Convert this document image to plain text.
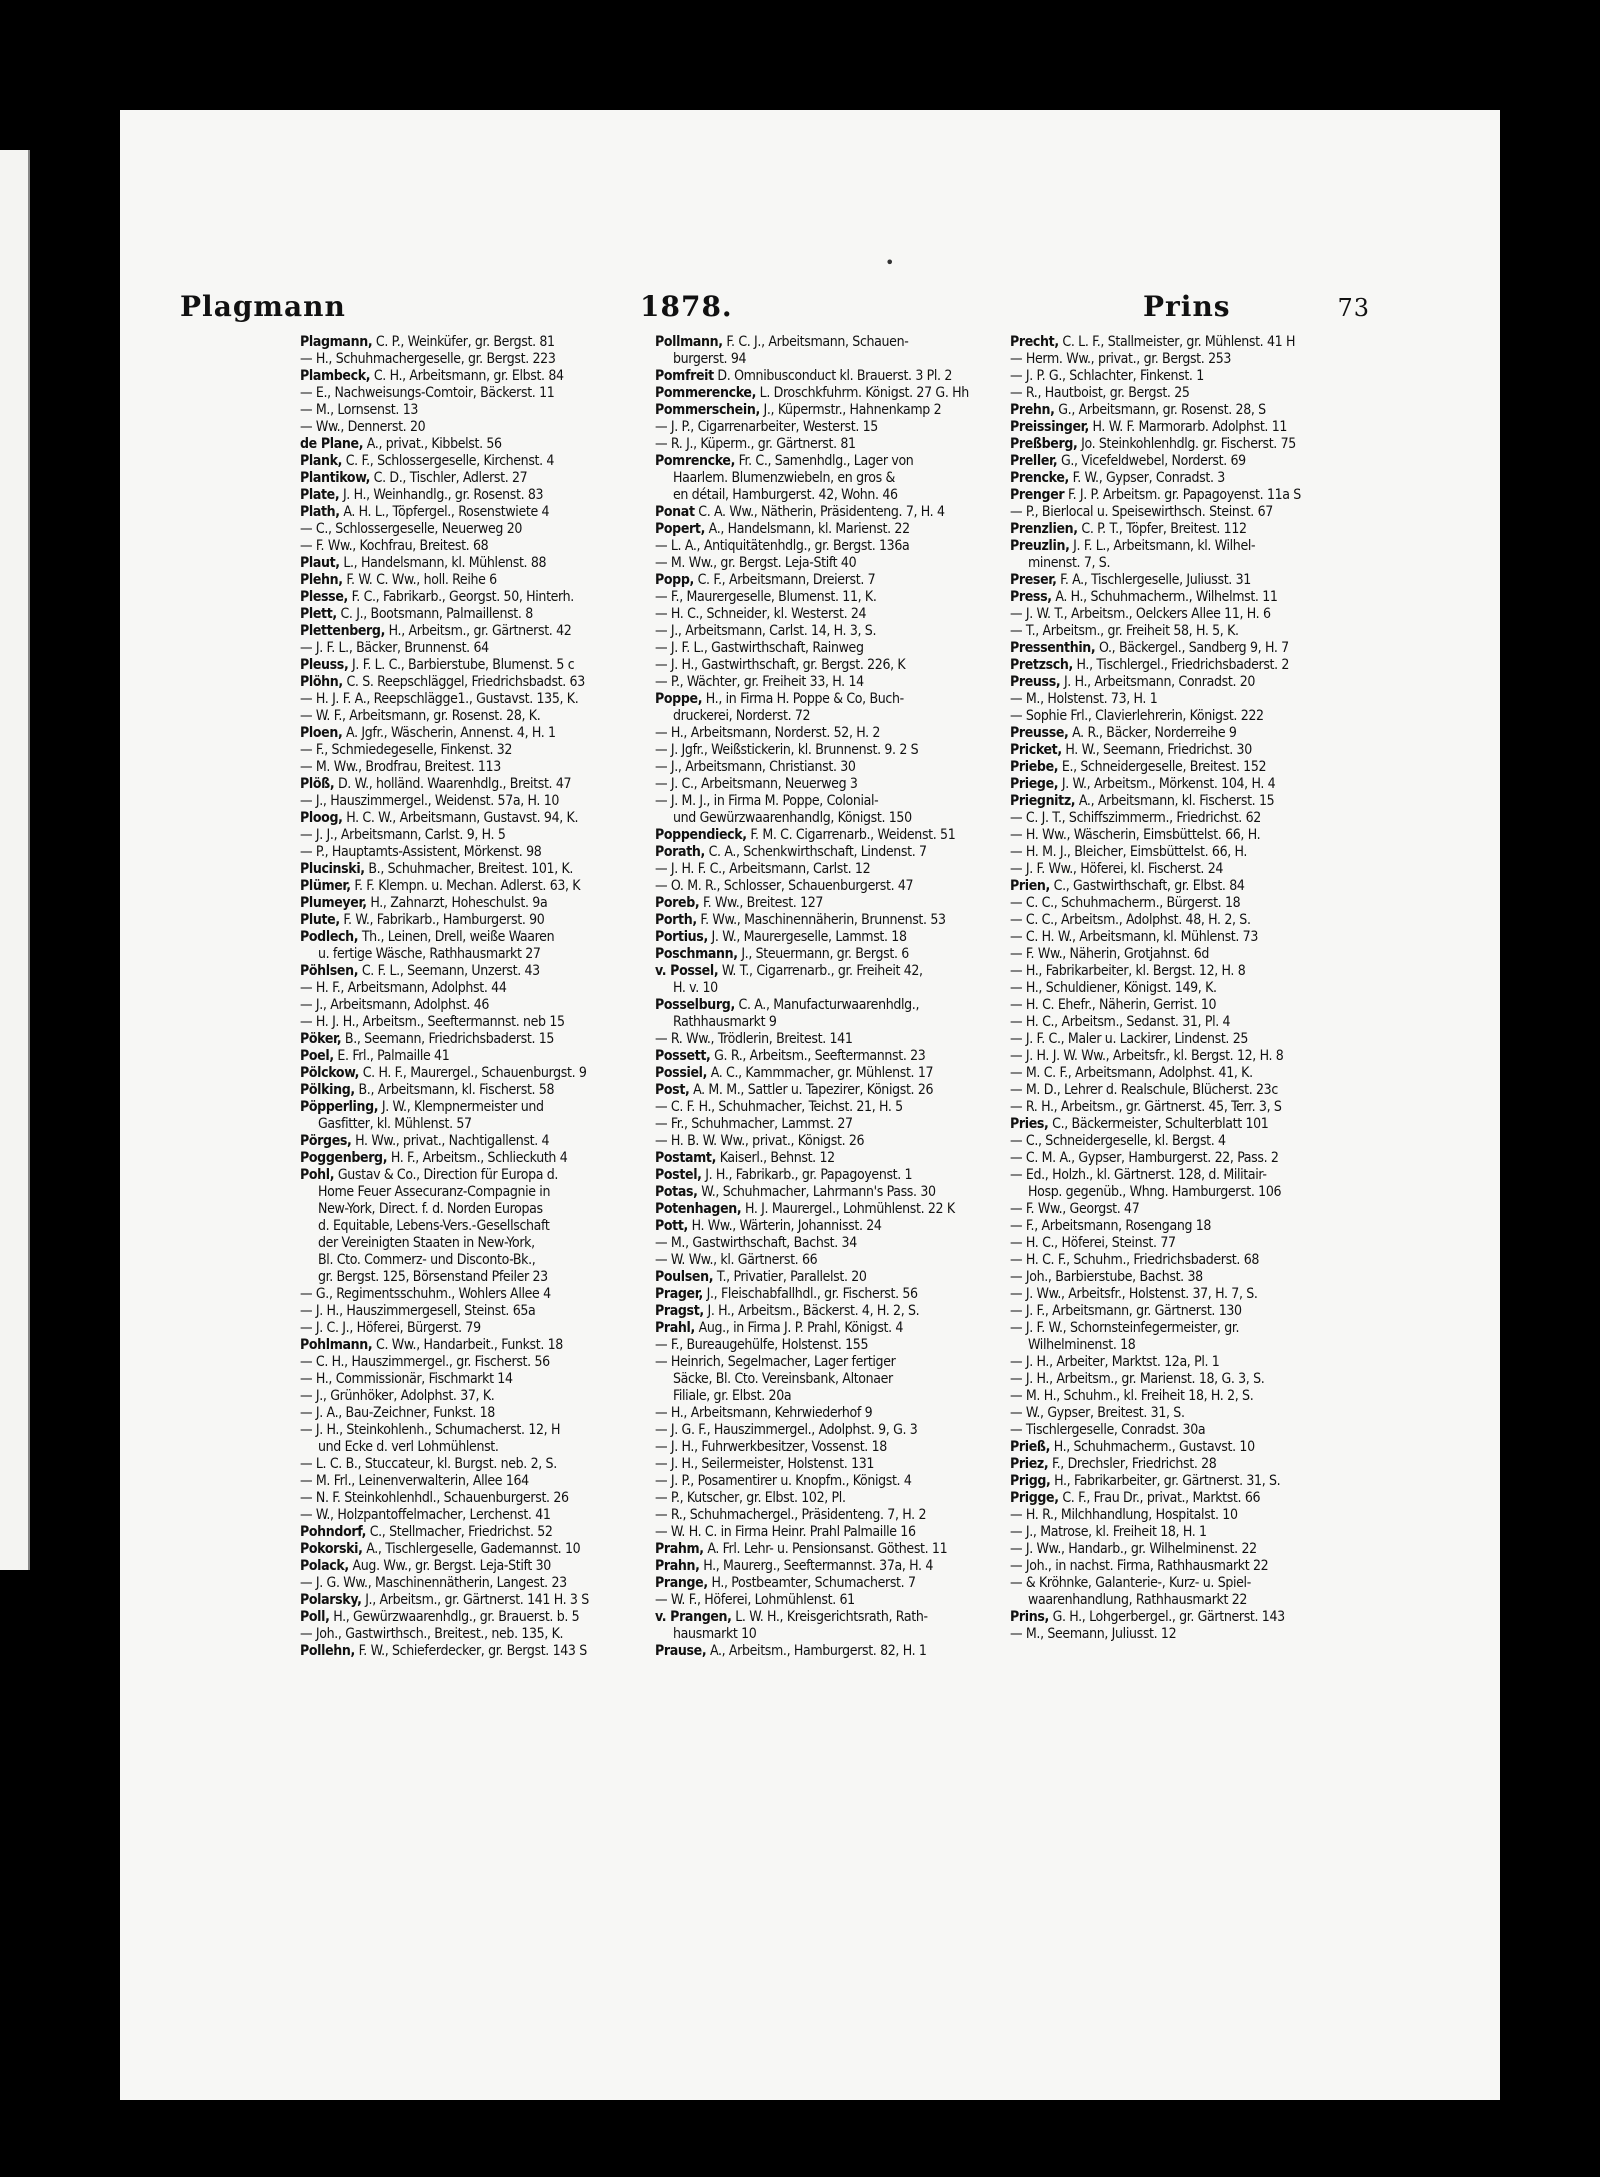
•
Plagmann	1878.	Prins	73
Plagmann, C. P., Weinküfer, gr. Bergst. 81
— H., Schuhmachergeselle, gr. Bergst. 223
Plambeck, C. H., Arbeitsmann, gr. Elbst. 84
— E., Nachweisungs-Comtoir, Bäckerst. 11
— M., Lornsenst. 13
— Ww., Dennerst. 20
de Plane, A., privat., Kibbelst. 56
Plank, C. F., Schlossergeselle, Kirchenst. 4
Plantikow, C. D., Tischler, Adlerst. 27
Plate, J. H., Weinhandlg., gr. Rosenst. 83
Plath, A. H. L., Töpfergel., Rosenstwiete 4
— C., Schlossergeselle, Neuerweg 20
— F. Ww., Kochfrau, Breitest. 68
Plaut, L., Handelsmann, kl. Mühlenst. 88
Plehn, F. W. C. Ww., holl. Reihe 6
Plesse, F. C., Fabrikarb., Georgst. 50, Hinterh.
Plett, C. J., Bootsmann, Palmaillenst. 8
Plettenberg, H., Arbeitsm., gr. Gärtnerst. 42
— J. F. L., Bäcker, Brunnenst. 64
Pleuss, J. F. L. C., Barbierstube, Blumenst. 5 c
Plöhn, C. S. Reepschläggel, Friedrichsbadst. 63
— H. J. F. A., Reepschlägge1., Gustavst. 135, K.
— W. F., Arbeitsmann, gr. Rosenst. 28, K.
Ploen, A. Jgfr., Wäscherin, Annenst. 4, H. 1
— F., Schmiedegeselle, Finkenst. 32
— M. Ww., Brodfrau, Breitest. 113
Plöß, D. W., holländ. Waarenhdlg., Breitst. 47
— J., Hauszimmergel., Weidenst. 57a, H. 10
Ploog, H. C. W., Arbeitsmann, Gustavst. 94, K.
— J. J., Arbeitsmann, Carlst. 9, H. 5
— P., Hauptamts-Assistent, Mörkenst. 98
Plucinski, B., Schuhmacher, Breitest. 101, K.
Plümer, F. F. Klempn. u. Mechan. Adlerst. 63, K
Plumeyer, H., Zahnarzt, Hoheschulst. 9a
Plute, F. W., Fabrikarb., Hamburgerst. 90
Podlech, Th., Leinen, Drell, weiße Waaren
u. fertige Wäsche, Rathhausmarkt 27
Pöhlsen, C. F. L., Seemann, Unzerst. 43
— H. F., Arbeitsmann, Adolphst. 44
— J., Arbeitsmann, Adolphst. 46
— H. J. H., Arbeitsm., Seeftermannst. neb 15
Pöker, B., Seemann, Friedrichsbaderst. 15
Poel, E. Frl., Palmaille 41
Pölckow, C. H. F., Maurergel., Schauenburgst. 9
Pölking, B., Arbeitsmann, kl. Fischerst. 58
Pöpperling, J. W., Klempnermeister und
Gasfitter, kl. Mühlenst. 57
Pörges, H. Ww., privat., Nachtigallenst. 4
Poggenberg, H. F., Arbeitsm., Schlieckuth 4
Pohl, Gustav & Co., Direction für Europa d.
Home Feuer Assecuranz-Compagnie in
New-York, Direct. f. d. Norden Europas
d. Equitable, Lebens-Vers.-Gesellschaft
der Vereinigten Staaten in New-York,
Bl. Cto. Commerz- und Disconto-Bk.,
gr. Bergst. 125, Börsenstand Pfeiler 23
— G., Regimentsschuhm., Wohlers Allee 4
— J. H., Hauszimmergesell, Steinst. 65a
— J. C. J., Höferei, Bürgerst. 79
Pohlmann, C. Ww., Handarbeit., Funkst. 18
— C. H., Hauszimmergel., gr. Fischerst. 56
— H., Commissionär, Fischmarkt 14
— J., Grünhöker, Adolphst. 37, K.
— J. A., Bau-Zeichner, Funkst. 18
— J. H., Steinkohlenh., Schumacherst. 12, H
und Ecke d. verl Lohmühlenst.
— L. C. B., Stuccateur, kl. Burgst. neb. 2, S.
— M. Frl., Leinenverwalterin, Allee 164
— N. F. Steinkohlenhdl., Schauenburgerst. 26
— W., Holzpantoffelmacher, Lerchenst. 41
Pohndorf, C., Stellmacher, Friedrichst. 52
Pokorski, A., Tischlergeselle, Gademannst. 10
Polack, Aug. Ww., gr. Bergst. Leja-Stift 30
— J. G. Ww., Maschinennätherin, Langest. 23
Polarsky, J., Arbeitsm., gr. Gärtnerst. 141 H. 3 S
Poll, H., Gewürzwaarenhdlg., gr. Brauerst. b. 5
— Joh., Gastwirthsch., Breitest., neb. 135, K.
Pollehn, F. W., Schieferdecker, gr. Bergst. 143 S
Pollmann, F. C. J., Arbeitsmann, Schauen-
burgerst. 94
Pomfreit D. Omnibusconduct kl. Brauerst. 3 Pl. 2
Pommerencke, L. Droschkfuhrm. Königst. 27 G. Hh
Pommerschein, J., Küpermstr., Hahnenkamp 2
— J. P., Cigarrenarbeiter, Westerst. 15
— R. J., Küperm., gr. Gärtnerst. 81
Pomrencke, Fr. C., Samenhdlg., Lager von
Haarlem. Blumenzwiebeln, en gros &
en détail, Hamburgerst. 42, Wohn. 46
Ponat C. A. Ww., Nätherin, Präsidenteng. 7, H. 4
Popert, A., Handelsmann, kl. Marienst. 22
— L. A., Antiquitätenhdlg., gr. Bergst. 136a
— M. Ww., gr. Bergst. Leja-Stift 40
Popp, C. F., Arbeitsmann, Dreierst. 7
— F., Maurergeselle, Blumenst. 11, K.
— H. C., Schneider, kl. Westerst. 24
— J., Arbeitsmann, Carlst. 14, H. 3, S.
— J. F. L., Gastwirthschaft, Rainweg
— J. H., Gastwirthschaft, gr. Bergst. 226, K
— P., Wächter, gr. Freiheit 33, H. 14
Poppe, H., in Firma H. Poppe & Co, Buch-
druckerei, Norderst. 72
— H., Arbeitsmann, Norderst. 52, H. 2
— J. Jgfr., Weißstickerin, kl. Brunnenst. 9. 2 S
— J., Arbeitsmann, Christianst. 30
— J. C., Arbeitsmann, Neuerweg 3
— J. M. J., in Firma M. Poppe, Colonial-
und Gewürzwaarenhandlg, Königst. 150
Poppendieck, F. M. C. Cigarrenarb., Weidenst. 51
Porath, C. A., Schenkwirthschaft, Lindenst. 7
— J. H. F. C., Arbeitsmann, Carlst. 12
— O. M. R., Schlosser, Schauenburgerst. 47
Poreb, F. Ww., Breitest. 127
Porth, F. Ww., Maschinennäherin, Brunnenst. 53
Portius, J. W., Maurergeselle, Lammst. 18
Poschmann, J., Steuermann, gr. Bergst. 6
v. Possel, W. T., Cigarrenarb., gr. Freiheit 42,
H. v. 10
Posselburg, C. A., Manufacturwaarenhdlg.,
Rathhausmarkt 9
— R. Ww., Trödlerin, Breitest. 141
Possett, G. R., Arbeitsm., Seeftermannst. 23
Possiel, A. C., Kammmacher, gr. Mühlenst. 17
Post, A. M. M., Sattler u. Tapezirer, Königst. 26
— C. F. H., Schuhmacher, Teichst. 21, H. 5
— Fr., Schuhmacher, Lammst. 27
— H. B. W. Ww., privat., Königst. 26
Postamt, Kaiserl., Behnst. 12
Postel, J. H., Fabrikarb., gr. Papagoyenst. 1
Potas, W., Schuhmacher, Lahrmann's Pass. 30
Potenhagen, H. J. Maurergel., Lohmühlenst. 22 K
Pott, H. Ww., Wärterin, Johannisst. 24
— M., Gastwirthschaft, Bachst. 34
— W. Ww., kl. Gärtnerst. 66
Poulsen, T., Privatier, Parallelst. 20
Prager, J., Fleischabfallhdl., gr. Fischerst. 56
Pragst, J. H., Arbeitsm., Bäckerst. 4, H. 2, S.
Prahl, Aug., in Firma J. P. Prahl, Königst. 4
— F., Bureaugehülfe, Holstenst. 155
— Heinrich, Segelmacher, Lager fertiger
Säcke, Bl. Cto. Vereinsbank, Altonaer
Filiale, gr. Elbst. 20a
— H., Arbeitsmann, Kehrwiederhof 9
— J. G. F., Hauszimmergel., Adolphst. 9, G. 3
— J. H., Fuhrwerkbesitzer, Vossenst. 18
— J. H., Seilermeister, Holstenst. 131
— J. P., Posamentirer u. Knopfm., Königst. 4
— P., Kutscher, gr. Elbst. 102, Pl.
— R., Schuhmachergel., Präsidenteng. 7, H. 2
— W. H. C. in Firma Heinr. Prahl Palmaille 16
Prahm, A. Frl. Lehr- u. Pensionsanst. Göthest. 11
Prahn, H., Maurerg., Seeftermannst. 37a, H. 4
Prange, H., Postbeamter, Schumacherst. 7
— W. F., Höferei, Lohmühlenst. 61
v. Prangen, L. W. H., Kreisgerichtsrath, Rath-
hausmarkt 10
Prause, A., Arbeitsm., Hamburgerst. 82, H. 1
Precht, C. L. F., Stallmeister, gr. Mühlenst. 41 H
— Herm. Ww., privat., gr. Bergst. 253
— J. P. G., Schlachter, Finkenst. 1
— R., Hautboist, gr. Bergst. 25
Prehn, G., Arbeitsmann, gr. Rosenst. 28, S
Preissinger, H. W. F. Marmorarb. Adolphst. 11
Preßberg, Jo. Steinkohlenhdlg. gr. Fischerst. 75
Preller, G., Vicefeldwebel, Norderst. 69
Prencke, F. W., Gypser, Conradst. 3
Prenger F. J. P. Arbeitsm. gr. Papagoyenst. 11a S
— P., Bierlocal u. Speisewirthsch. Steinst. 67
Prenzlien, C. P. T., Töpfer, Breitest. 112
Preuzlin, J. F. L., Arbeitsmann, kl. Wilhel-
minenst. 7, S.
Preser, F. A., Tischlergeselle, Juliusst. 31
Press, A. H., Schuhmacherm., Wilhelmst. 11
— J. W. T., Arbeitsm., Oelckers Allee 11, H. 6
— T., Arbeitsm., gr. Freiheit 58, H. 5, K.
Pressenthin, O., Bäckergel., Sandberg 9, H. 7
Pretzsch, H., Tischlergel., Friedrichsbaderst. 2
Preuss, J. H., Arbeitsmann, Conradst. 20
— M., Holstenst. 73, H. 1
— Sophie Frl., Clavierlehrerin, Königst. 222
Preusse, A. R., Bäcker, Norderreihe 9
Pricket, H. W., Seemann, Friedrichst. 30
Priebe, E., Schneidergeselle, Breitest. 152
Priege, J. W., Arbeitsm., Mörkenst. 104, H. 4
Priegnitz, A., Arbeitsmann, kl. Fischerst. 15
— C. J. T., Schiffszimmerm., Friedrichst. 62
— H. Ww., Wäscherin, Eimsbüttelst. 66, H.
— H. M. J., Bleicher, Eimsbüttelst. 66, H.
— J. F. Ww., Höferei, kl. Fischerst. 24
Prien, C., Gastwirthschaft, gr. Elbst. 84
— C. C., Schuhmacherm., Bürgerst. 18
— C. C., Arbeitsm., Adolphst. 48, H. 2, S.
— C. H. W., Arbeitsmann, kl. Mühlenst. 73
— F. Ww., Näherin, Grotjahnst. 6d
— H., Fabrikarbeiter, kl. Bergst. 12, H. 8
— H., Schuldiener, Königst. 149, K.
— H. C. Ehefr., Näherin, Gerrist. 10
— H. C., Arbeitsm., Sedanst. 31, Pl. 4
— J. F. C., Maler u. Lackirer, Lindenst. 25
— J. H. J. W. Ww., Arbeitsfr., kl. Bergst. 12, H. 8
— M. C. F., Arbeitsmann, Adolphst. 41, K.
— M. D., Lehrer d. Realschule, Blücherst. 23c
— R. H., Arbeitsm., gr. Gärtnerst. 45, Terr. 3, S
Pries, C., Bäckermeister, Schulterblatt 101
— C., Schneidergeselle, kl. Bergst. 4
— C. M. A., Gypser, Hamburgerst. 22, Pass. 2
— Ed., Holzh., kl. Gärtnerst. 128, d. Militair-
Hosp. gegenüb., Whng. Hamburgerst. 106
— F. Ww., Georgst. 47
— F., Arbeitsmann, Rosengang 18
— H. C., Höferei, Steinst. 77
— H. C. F., Schuhm., Friedrichsbaderst. 68
— Joh., Barbierstube, Bachst. 38
— J. Ww., Arbeitsfr., Holstenst. 37, H. 7, S.
— J. F., Arbeitsmann, gr. Gärtnerst. 130
— J. F. W., Schornsteinfegermeister, gr.
Wilhelminenst. 18
— J. H., Arbeiter, Marktst. 12a, Pl. 1
— J. H., Arbeitsm., gr. Marienst. 18, G. 3, S.
— M. H., Schuhm., kl. Freiheit 18, H. 2, S.
— W., Gypser, Breitest. 31, S.
— Tischlergeselle, Conradst. 30a
Prieß, H., Schuhmacherm., Gustavst. 10
Priez, F., Drechsler, Friedrichst. 28
Prigg, H., Fabrikarbeiter, gr. Gärtnerst. 31, S.
Prigge, C. F., Frau Dr., privat., Marktst. 66
— H. R., Milchhandlung, Hospitalst. 10
— J., Matrose, kl. Freiheit 18, H. 1
— J. Ww., Handarb., gr. Wilhelminenst. 22
— Joh., in nachst. Firma, Rathhausmarkt 22
— & Kröhnke, Galanterie-, Kurz- u. Spiel-
waarenhandlung, Rathhausmarkt 22
Prins, G. H., Lohgerbergel., gr. Gärtnerst. 143
— M., Seemann, Juliusst. 12
